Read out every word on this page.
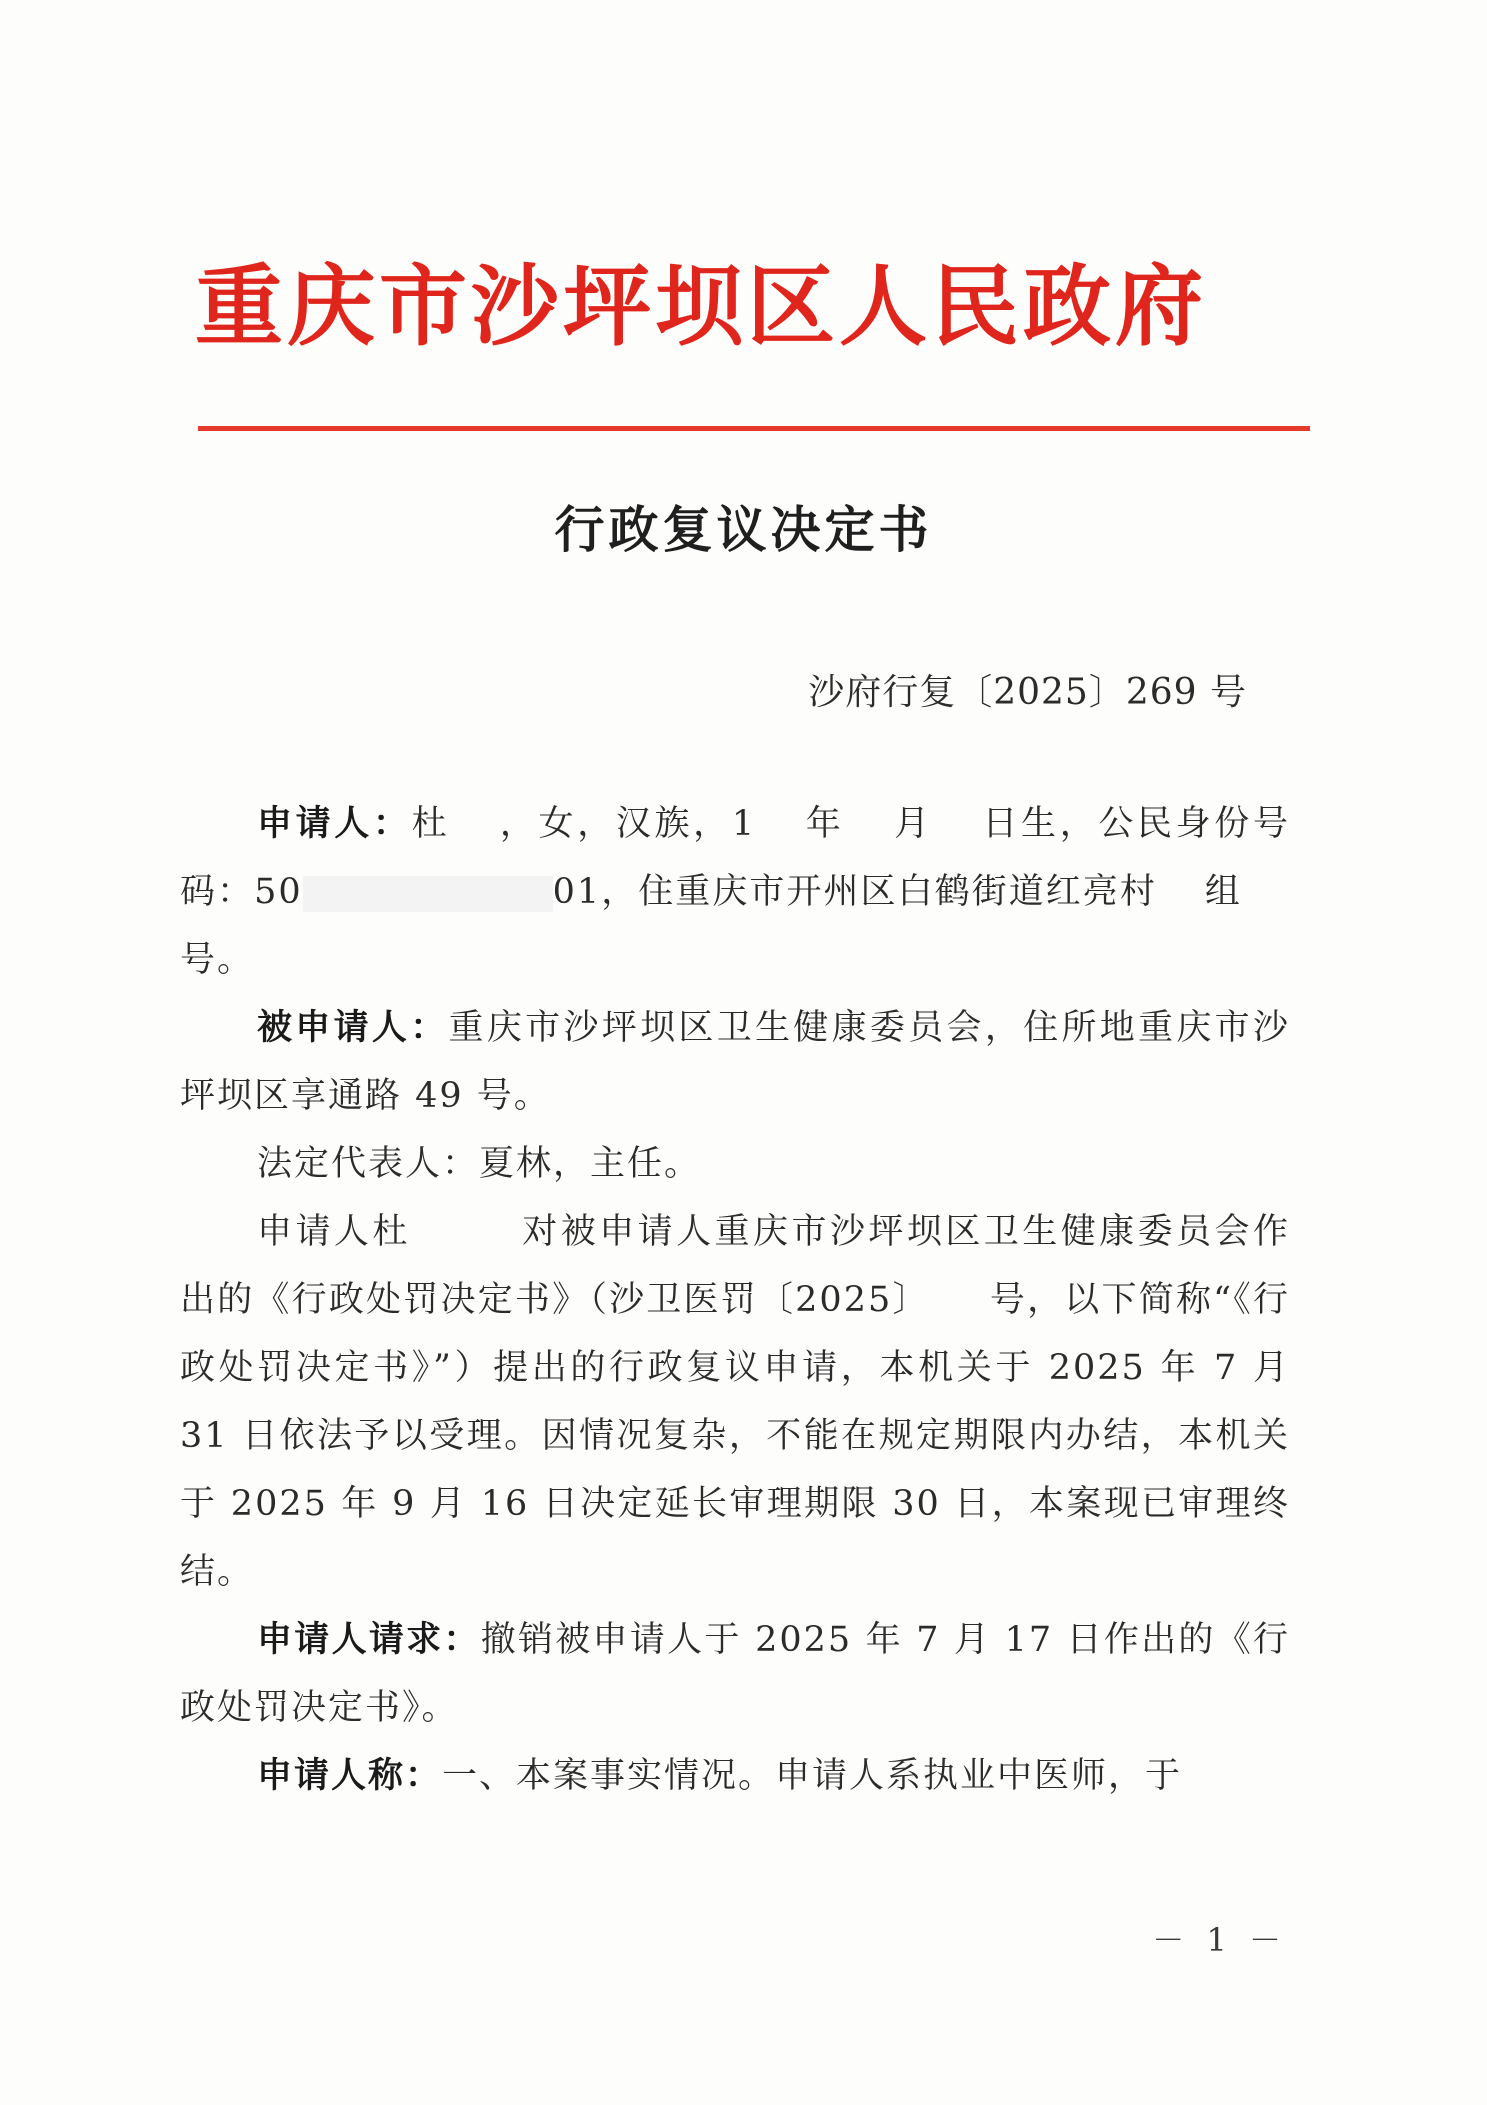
重庆市沙坪坝区人民政府
行政复议决定书
沙府行复〔2025〕269 号

申请人：杜 ，女，汉族，1 年 月 日生，公民身份号码：50	01，住重庆市开州区白鹤街道红亮村 组号。

被申请人：重庆市沙坪坝区卫生健康委员会，住所地重庆市沙坪坝区享通路 49 号。

法定代表人：夏林，主任。

申请人杜	对被申请人重庆市沙坪坝区卫生健康委员会作出的《行政处罚决定书》（沙卫医罚〔2025〕 号，以下简称“《行政处罚决定书》”）提出的行政复议申请，本机关于 2025 年 7 月 31 日依法予以受理。因情况复杂，不能在规定期限内办结，本机关于 2025 年 9 月 16 日决定延长审理期限 30 日，本案现已审理终结。

申请人请求：撤销被申请人于 2025 年 7 月 17 日作出的《行政处罚决定书》。

申请人称：一、本案事实情况。申请人系执业中医师，于

－ 1 －
